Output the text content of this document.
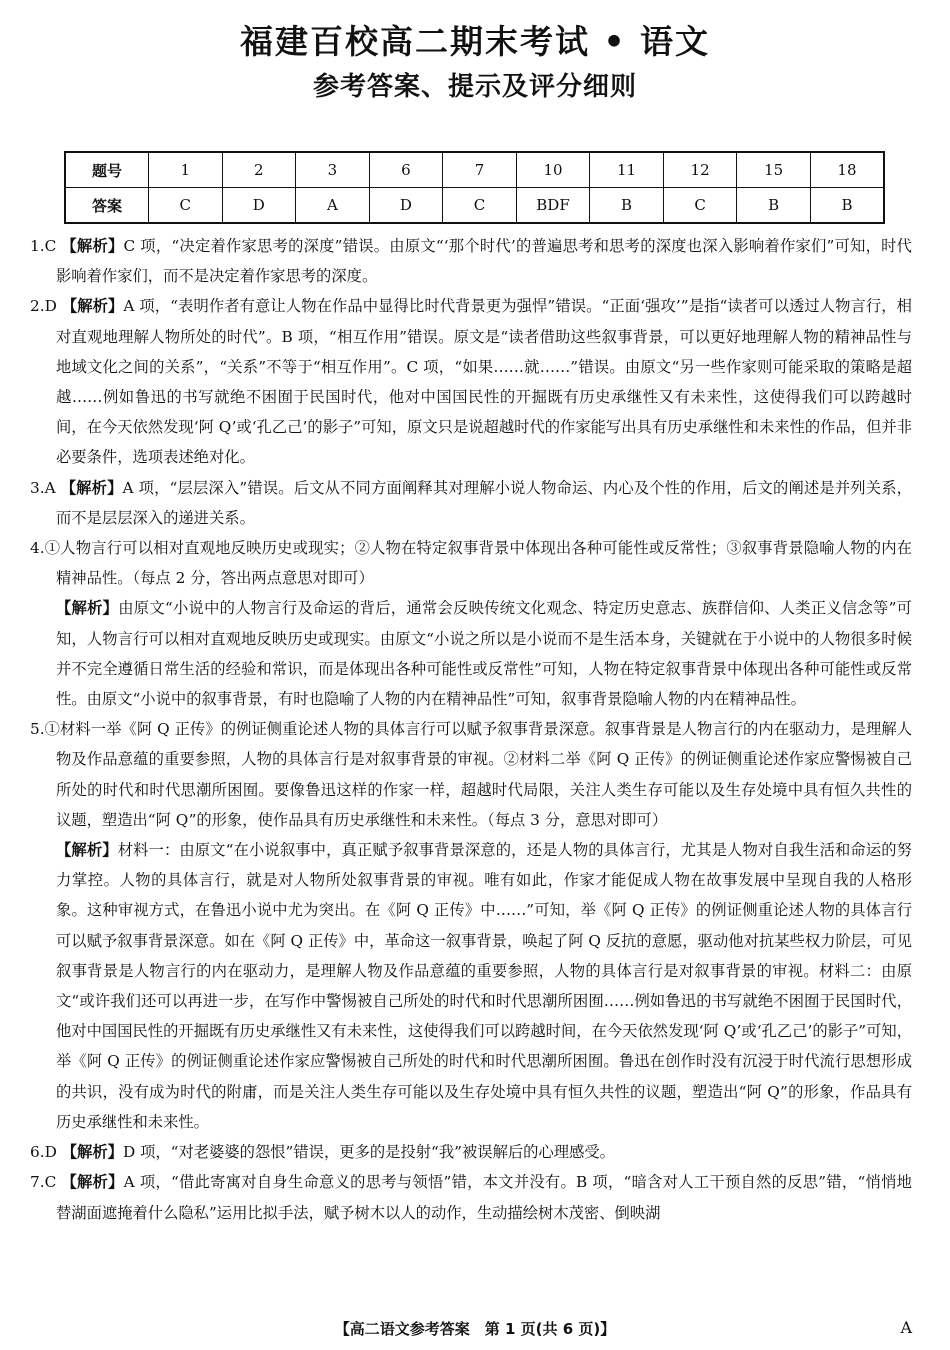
福建百校高二期末考试 • 语文
参考答案、提示及评分细则
题号	1	2	3	6	7	10	11	12	15	18
答案	C	D	A	D	C	BDF	B	C	B	B

1.C 【解析】C 项，“决定着作家思考的深度”错误。由原文“‘那个时代’的普遍思考和思考的深度也深入影响着作家们”可知，时代影响着作家们，而不是决定着作家思考的深度。

2.D 【解析】A 项，“表明作者有意让人物在作品中显得比时代背景更为强悍”错误。“正面‘强攻’”是指“读者可以透过人物言行，相对直观地理解人物所处的时代”。B 项，“相互作用”错误。原文是“读者借助这些叙事背景，可以更好地理解人物的精神品性与地域文化之间的关系”，“关系”不等于“相互作用”。C 项，“如果……就……”错误。由原文“另一些作家则可能采取的策略是超越……例如鲁迅的书写就绝不困囿于民国时代，他对中国国民性的开掘既有历史承继性又有未来性，这使得我们可以跨越时间，在今天依然发现‘阿 Q’或‘孔乙己’的影子”可知，原文只是说超越时代的作家能写出具有历史承继性和未来性的作品，但并非必要条件，选项表述绝对化。

3.A 【解析】A 项，“层层深入”错误。后文从不同方面阐释其对理解小说人物命运、内心及个性的作用，后文的阐述是并列关系，而不是层层深入的递进关系。

4.①人物言行可以相对直观地反映历史或现实；②人物在特定叙事背景中体现出各种可能性或反常性；③叙事背景隐喻人物的内在精神品性。（每点 2 分，答出两点意思对即可）

【解析】由原文“小说中的人物言行及命运的背后，通常会反映传统文化观念、特定历史意志、族群信仰、人类正义信念等”可知，人物言行可以相对直观地反映历史或现实。由原文“小说之所以是小说而不是生活本身，关键就在于小说中的人物很多时候并不完全遵循日常生活的经验和常识，而是体现出各种可能性或反常性”可知，人物在特定叙事背景中体现出各种可能性或反常性。由原文“小说中的叙事背景，有时也隐喻了人物的内在精神品性”可知，叙事背景隐喻人物的内在精神品性。

5.①材料一举《阿 Q 正传》的例证侧重论述人物的具体言行可以赋予叙事背景深意。叙事背景是人物言行的内在驱动力，是理解人物及作品意蕴的重要参照，人物的具体言行是对叙事背景的审视。②材料二举《阿 Q 正传》的例证侧重论述作家应警惕被自己所处的时代和时代思潮所困囿。要像鲁迅这样的作家一样，超越时代局限，关注人类生存可能以及生存处境中具有恒久共性的议题，塑造出“阿 Q”的形象，使作品具有历史承继性和未来性。（每点 3 分，意思对即可）

【解析】材料一：由原文“在小说叙事中，真正赋予叙事背景深意的，还是人物的具体言行，尤其是人物对自我生活和命运的努力掌控。人物的具体言行，就是对人物所处叙事背景的审视。唯有如此，作家才能促成人物在故事发展中呈现自我的人格形象。这种审视方式，在鲁迅小说中尤为突出。在《阿 Q 正传》中……”可知，举《阿 Q 正传》的例证侧重论述人物的具体言行可以赋予叙事背景深意。如在《阿 Q 正传》中，革命这一叙事背景，唤起了阿 Q 反抗的意愿，驱动他对抗某些权力阶层，可见叙事背景是人物言行的内在驱动力，是理解人物及作品意蕴的重要参照，人物的具体言行是对叙事背景的审视。材料二：由原文“或许我们还可以再进一步，在写作中警惕被自己所处的时代和时代思潮所困囿……例如鲁迅的书写就绝不困囿于民国时代，他对中国国民性的开掘既有历史承继性又有未来性，这使得我们可以跨越时间，在今天依然发现‘阿 Q’或‘孔乙己’的影子”可知，举《阿 Q 正传》的例证侧重论述作家应警惕被自己所处的时代和时代思潮所困囿。鲁迅在创作时没有沉浸于时代流行思想形成的共识，没有成为时代的附庸，而是关注人类生存可能以及生存处境中具有恒久共性的议题，塑造出“阿 Q”的形象，作品具有历史承继性和未来性。

6.D 【解析】D 项，“对老婆婆的怨恨”错误，更多的是投射“我”被误解后的心理感受。

7.C 【解析】A 项，“借此寄寓对自身生命意义的思考与领悟”错，本文并没有。B 项，“暗含对人工干预自然的反思”错，“悄悄地替湖面遮掩着什么隐私”运用比拟手法，赋予树木以人的动作，生动描绘树木茂密、倒映湖

【高二语文参考答案　第 1 页(共 6 页)】	A
